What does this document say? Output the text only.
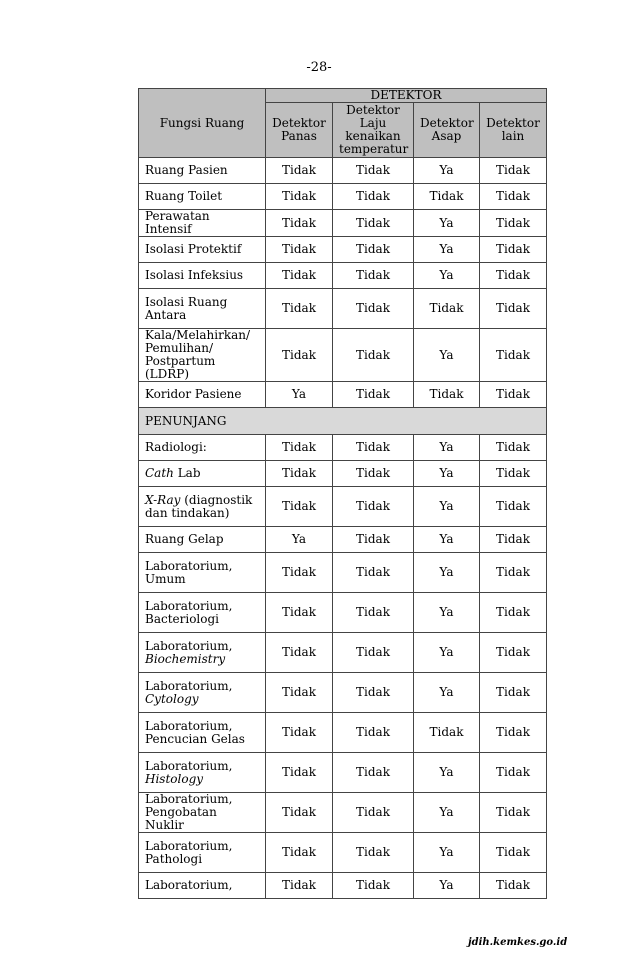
-28-
Fungsi Ruang	DETEKTOR			
	Detektor Panas	Detektor Laju kenaikan temperatur	Detektor Asap	Detektor lain
Ruang Pasien	Tidak	Tidak	Ya	Tidak
Ruang Toilet	Tidak	Tidak	Tidak	Tidak
Perawatan Intensif	Tidak	Tidak	Ya	Tidak
Isolasi Protektif	Tidak	Tidak	Ya	Tidak
Isolasi Infeksius	Tidak	Tidak	Ya	Tidak
Isolasi Ruang Antara	Tidak	Tidak	Tidak	Tidak
Kala/Melahirkan/ Pemulihan/ Postpartum (LDRP)	Tidak	Tidak	Ya	Tidak
Koridor Pasiene	Ya	Tidak	Tidak	Tidak
PENUNJANG				
Radiologi:	Tidak	Tidak	Ya	Tidak
Cath Lab	Tidak	Tidak	Ya	Tidak
X-Ray (diagnostik dan tindakan)	Tidak	Tidak	Ya	Tidak
Ruang Gelap	Ya	Tidak	Ya	Tidak
Laboratorium, Umum	Tidak	Tidak	Ya	Tidak
Laboratorium, Bacteriologi	Tidak	Tidak	Ya	Tidak
Laboratorium,
Biochemistry	Tidak	Tidak	Ya	Tidak
Laboratorium,
Cytology	Tidak	Tidak	Ya	Tidak
Laboratorium, Pencucian Gelas	Tidak	Tidak	Tidak	Tidak
Laboratorium,
Histology	Tidak	Tidak	Ya	Tidak
Laboratorium, Pengobatan Nuklir	Tidak	Tidak	Ya	Tidak
Laboratorium, Pathologi	Tidak	Tidak	Ya	Tidak
Laboratorium,	Tidak	Tidak	Ya	Tidak
jdih.kemkes.go.id
